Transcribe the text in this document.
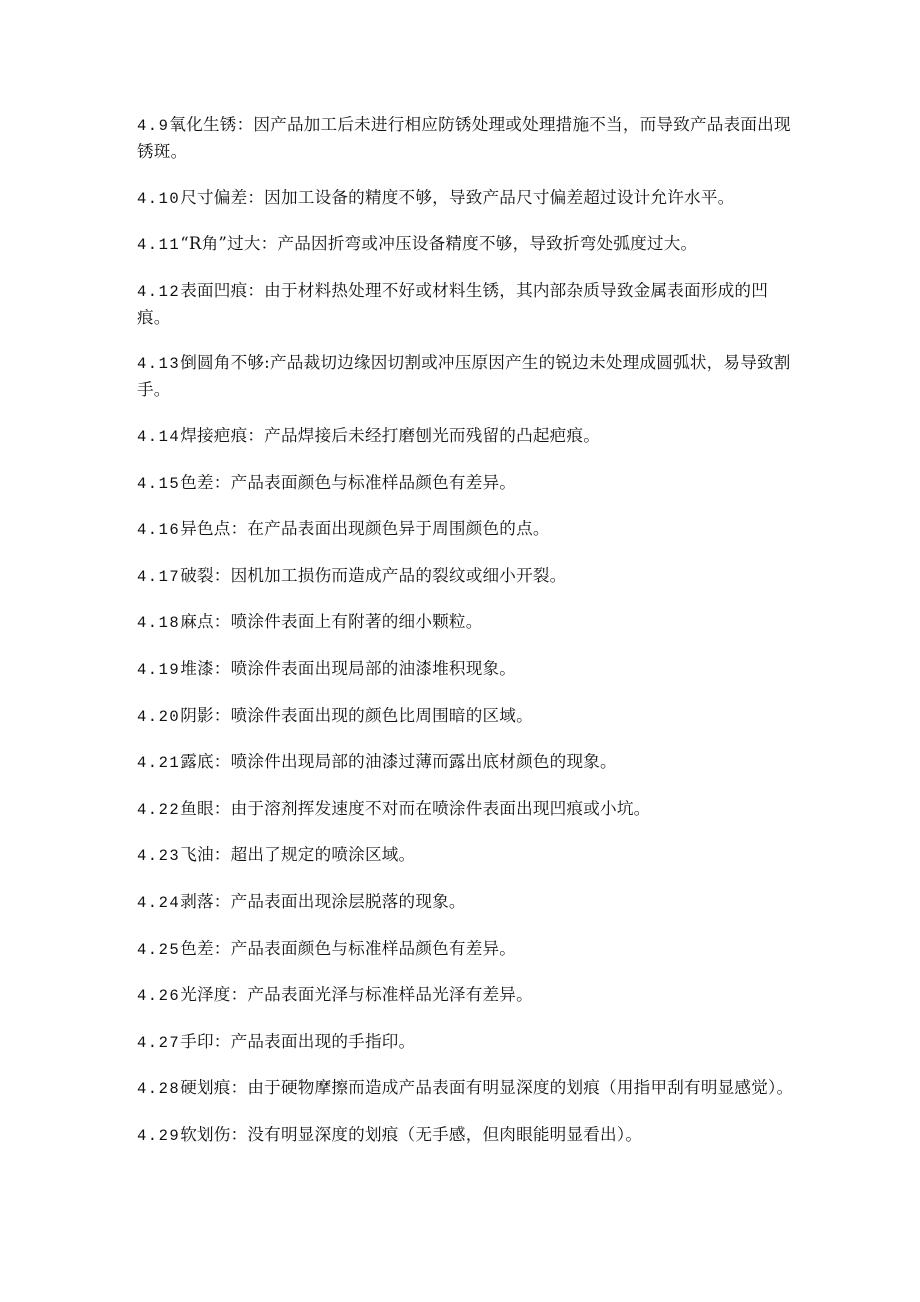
4.9氧化生锈：因产品加工后未进行相应防锈处理或处理措施不当，而导致产品表面出现锈斑。

4.10尺寸偏差：因加工设备的精度不够，导致产品尺寸偏差超过设计允许水平。

4.11“R角”过大：产品因折弯或冲压设备精度不够，导致折弯处弧度过大。

4.12表面凹痕：由于材料热处理不好或材料生锈，其内部杂质导致金属表面形成的凹痕。

4.13倒圆角不够:产品裁切边缘因切割或冲压原因产生的锐边未处理成圆弧状，易导致割手。

4.14焊接疤痕：产品焊接后未经打磨刨光而残留的凸起疤痕。

4.15色差：产品表面颜色与标准样品颜色有差异。

4.16异色点：在产品表面出现颜色异于周围颜色的点。

4.17破裂：因机加工损伤而造成产品的裂纹或细小开裂。

4.18麻点：喷涂件表面上有附著的细小颗粒。

4.19堆漆：喷涂件表面出现局部的油漆堆积现象。

4.20阴影：喷涂件表面出现的颜色比周围暗的区域。

4.21露底：喷涂件出现局部的油漆过薄而露出底材颜色的现象。

4.22鱼眼：由于溶剂挥发速度不对而在喷涂件表面出现凹痕或小坑。

4.23飞油：超出了规定的喷涂区域。

4.24剥落：产品表面出现涂层脱落的现象。

4.25色差：产品表面颜色与标准样品颜色有差异。

4.26光泽度：产品表面光泽与标准样品光泽有差异。

4.27手印：产品表面出现的手指印。

4.28硬划痕：由于硬物摩擦而造成产品表面有明显深度的划痕（用指甲刮有明显感觉）。

4.29软划伤：没有明显深度的划痕（无手感，但肉眼能明显看出）。
